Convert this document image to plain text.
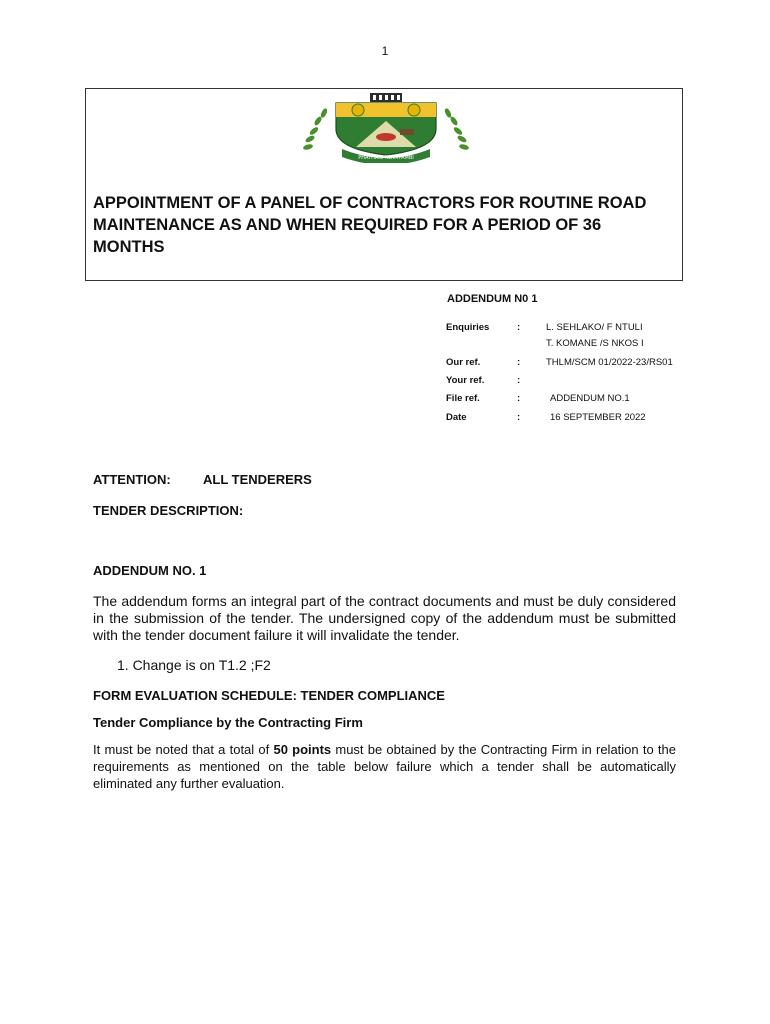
1
PHATHANI NDIMPAMBI
APPOINTMENT OF A PANEL OF CONTRACTORS FOR ROUTINE ROAD MAINTENANCE AS AND WHEN REQUIRED FOR A PERIOD OF 36 MONTHS
ADDENDUM N0 1
Enquiries	:	L. SEHLAKO/ F NTULI
T. KOMANE /S NKOS I
Our ref.	:	THLM/SCM 01/2022-23/RS01
Your ref.	:
File ref.	:	ADDENDUM NO.1
Date	:	16 SEPTEMBER 2022
ATTENTION: ALL TENDERERS
TENDER DESCRIPTION:
ADDENDUM NO. 1

The addendum forms an integral part of the contract documents and must be duly considered in the submission of the tender. The undersigned copy of the addendum must be submitted with the tender document failure it will invalidate the tender.

1. Change is on T1.2 ;F2
FORM EVALUATION SCHEDULE: TENDER COMPLIANCE
Tender Compliance by the Contracting Firm

It must be noted that a total of 50 points must be obtained by the Contracting Firm in relation to the requirements as mentioned on the table below failure which a tender shall be automatically eliminated any further evaluation.
